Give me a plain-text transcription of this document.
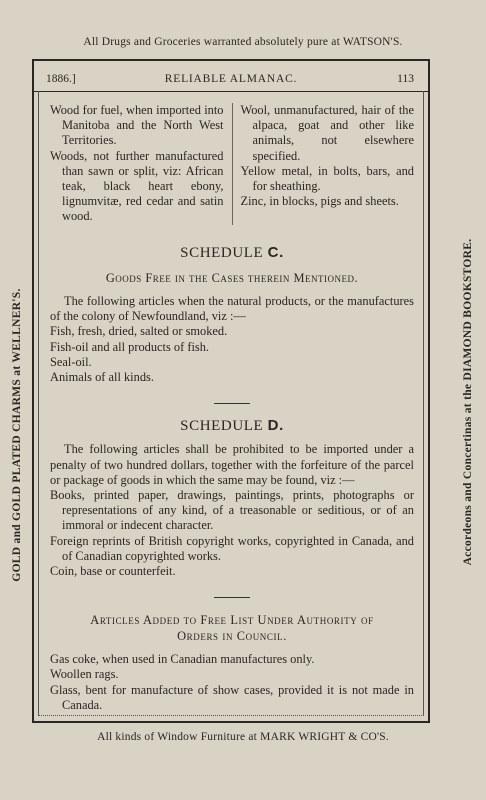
All Drugs and Groceries warranted absolutely pure at WATSON'S.
GOLD and GOLD PLATED CHARMS at WELLNER'S.	Accordeons and Concertinas at the DIAMOND BOOKSTORE.
1886.]	RELIABLE ALMANAC.	113
Wood for fuel, when imported into Manitoba and the North West Territories.
Woods, not further manufactured than sawn or split, viz: African teak, black heart ebony, lignumvitæ, red cedar and satin wood.
Wool, unmanufactured, hair of the alpaca, goat and other like animals, not elsewhere specified.
Yellow metal, in bolts, bars, and for sheathing.
Zinc, in blocks, pigs and sheets.
SCHEDULE C.
Goods Free in the Cases therein Mentioned.
The following articles when the natural products, or the manufactures of the colony of Newfoundland, viz :—
Fish, fresh, dried, salted or smoked.
Fish-oil and all products of fish.
Seal-oil.
Animals of all kinds.
SCHEDULE D.
The following articles shall be prohibited to be imported under a penalty of two hundred dollars, together with the forfeiture of the parcel or package of goods in which the same may be found, viz :—
Books, printed paper, drawings, paintings, prints, photographs or representations of any kind, of a treasonable or seditious, or of an immoral or indecent character.
Foreign reprints of British copyright works, copyrighted in Canada, and of Canadian copyrighted works.
Coin, base or counterfeit.
Articles Added to Free List Under Authority of
Orders in Council.
Gas coke, when used in Canadian manufactures only.
Woollen rags.
Glass, bent for manufacture of show cases, provided it is not made in Canada.
All kinds of Window Furniture at MARK WRIGHT & CO'S.
